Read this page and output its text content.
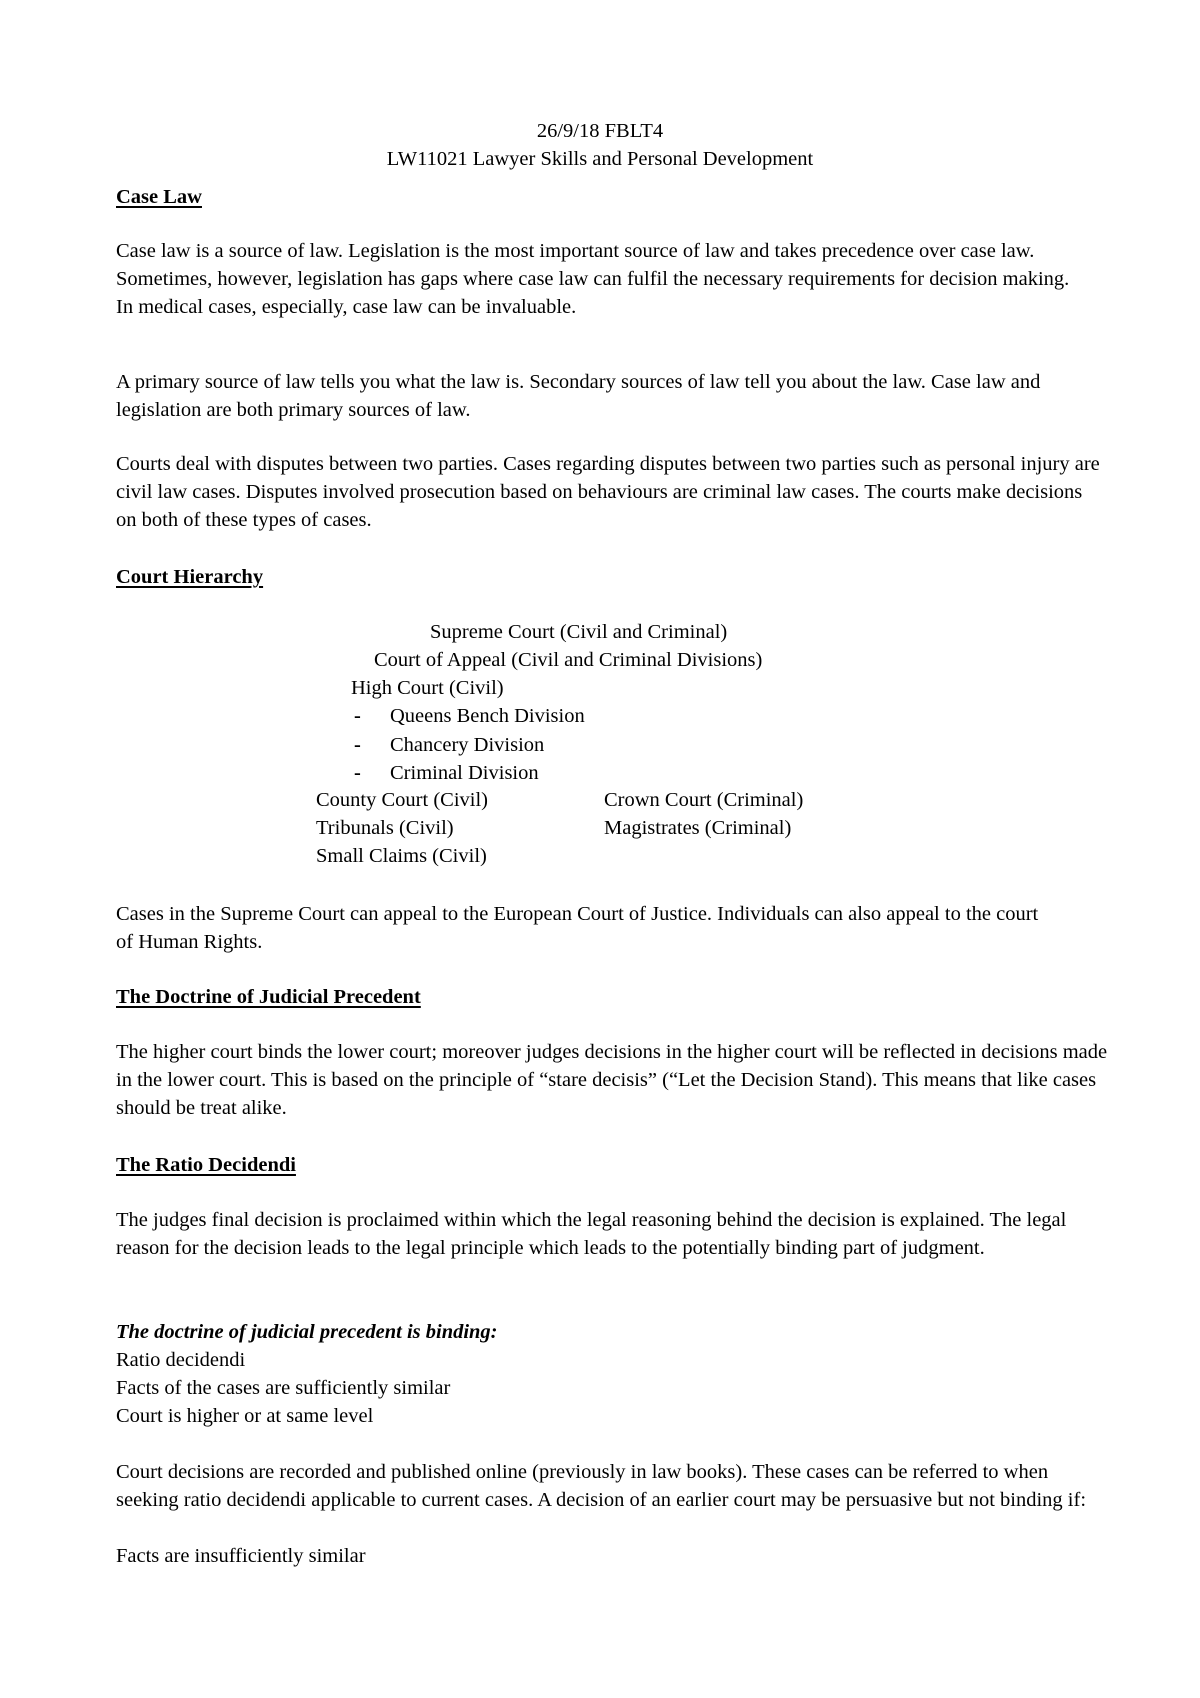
26/9/18 FBLT4
LW11021 Lawyer Skills and Personal Development
Case Law

Case law is a source of law. Legislation is the most important source of law and takes precedence over case law. Sometimes, however, legislation has gaps where case law can fulfil the necessary requirements for decision making. In medical cases, especially, case law can be invaluable.

A primary source of law tells you what the law is. Secondary sources of law tell you about the law. Case law and legislation are both primary sources of law.

Courts deal with disputes between two parties. Cases regarding disputes between two parties such as personal injury are civil law cases. Disputes involved prosecution based on behaviours are criminal law cases. The courts make decisions on both of these types of cases.

Court Hierarchy
Supreme Court (Civil and Criminal)
Court of Appeal (Civil and Criminal Divisions)
High Court (Civil)
- Queens Bench Division
- Chancery Division
- Criminal Division
County Court (Civil)
Tribunals (Civil)
Small Claims (Civil)
Crown Court (Criminal)
Magistrates (Criminal)

Cases in the Supreme Court can appeal to the European Court of Justice. Individuals can also appeal to the court of Human Rights.

The Doctrine of Judicial Precedent

The higher court binds the lower court; moreover judges decisions in the higher court will be reflected in decisions made in the lower court. This is based on the principle of “stare decisis” (“Let the Decision Stand). This means that like cases should be treat alike.

The Ratio Decidendi

The judges final decision is proclaimed within which the legal reasoning behind the decision is explained. The legal reason for the decision leads to the legal principle which leads to the potentially binding part of judgment.

The doctrine of judicial precedent is binding:
Ratio decidendi
Facts of the cases are sufficiently similar
Court is higher or at same level

Court decisions are recorded and published online (previously in law books). These cases can be referred to when seeking ratio decidendi applicable to current cases. A decision of an earlier court may be persuasive but not binding if:

Facts are insufficiently similar
